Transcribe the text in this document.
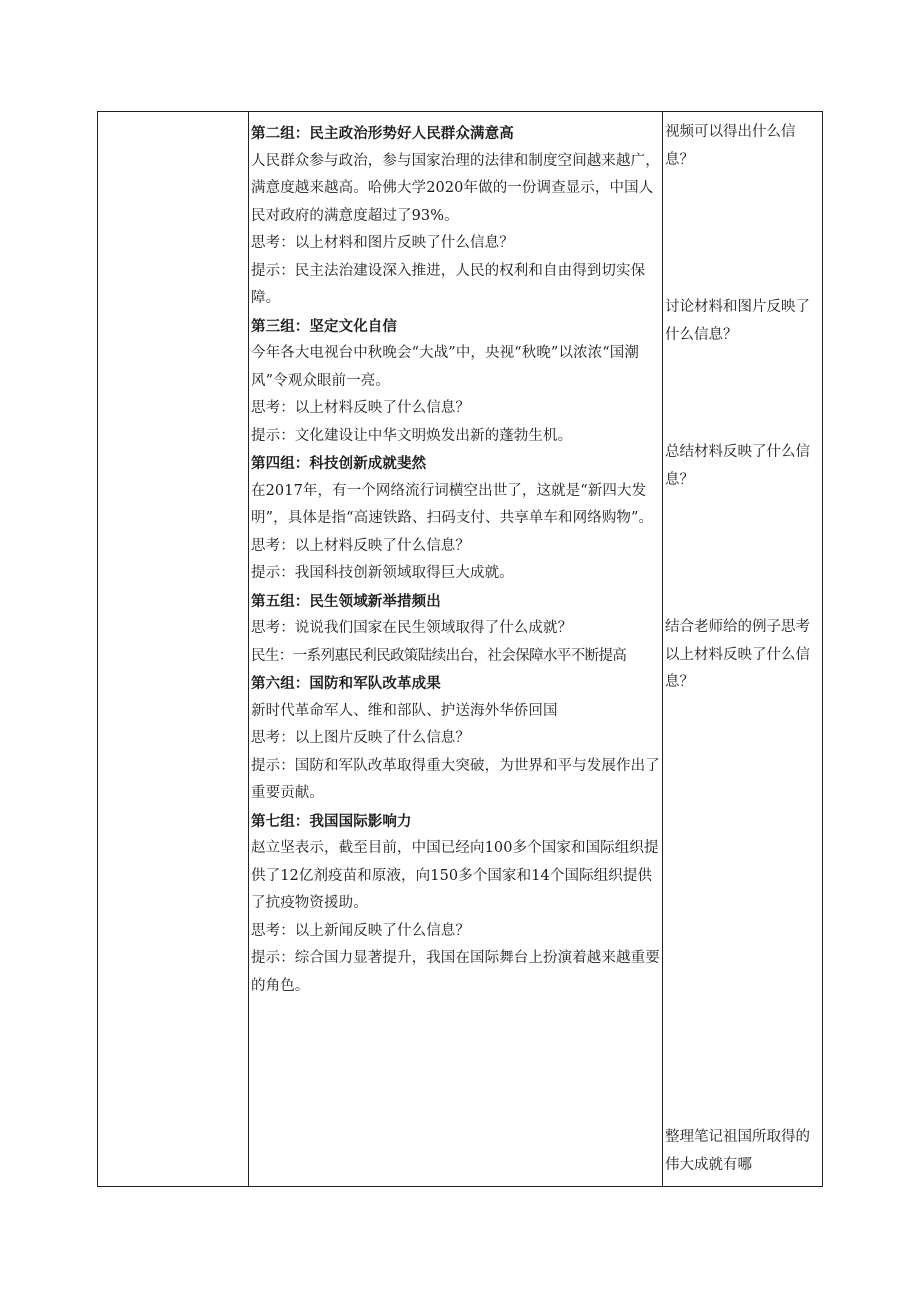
第二组：民主政治形势好人民群众满意高

人民群众参与政治，参与国家治理的法律和制度空间越来越广，满意度越来越高。哈佛大学2020年做的一份调查显示，中国人民对政府的满意度超过了93%。

思考：以上材料和图片反映了什么信息？

提示：民主法治建设深入推进，人民的权利和自由得到切实保障。

第三组：坚定文化自信

今年各大电视台中秋晚会“大战”中，央视“秋晚”以浓浓“国潮风”令观众眼前一亮。

思考：以上材料反映了什么信息？

提示：文化建设让中华文明焕发出新的蓬勃生机。

第四组：科技创新成就斐然

在2017年，有一个网络流行词横空出世了，这就是“新四大发明”，具体是指“高速铁路、扫码支付、共享单车和网络购物”。

思考：以上材料反映了什么信息？

提示：我国科技创新领域取得巨大成就。

第五组：民生领域新举措频出

思考：说说我们国家在民生领域取得了什么成就？

民生：一系列惠民利民政策陆续出台，社会保障水平不断提高

第六组：国防和军队改革成果

新时代革命军人、维和部队、护送海外华侨回国

思考：以上图片反映了什么信息？

提示：国防和军队改革取得重大突破，为世界和平与发展作出了重要贡献。

第七组：我国国际影响力

赵立坚表示，截至目前，中国已经向100多个国家和国际组织提供了12亿剂疫苗和原液，向150多个国家和14个国际组织提供了抗疫物资援助。

思考：以上新闻反映了什么信息？

提示：综合国力显著提升，我国在国际舞台上扮演着越来越重要的角色。

视频可以得出什么信息？

讨论材料和图片反映了什么信息？

总结材料反映了什么信息？

结合老师给的例子思考以上材料反映了什么信息？

整理笔记祖国所取得的伟大成就有哪
